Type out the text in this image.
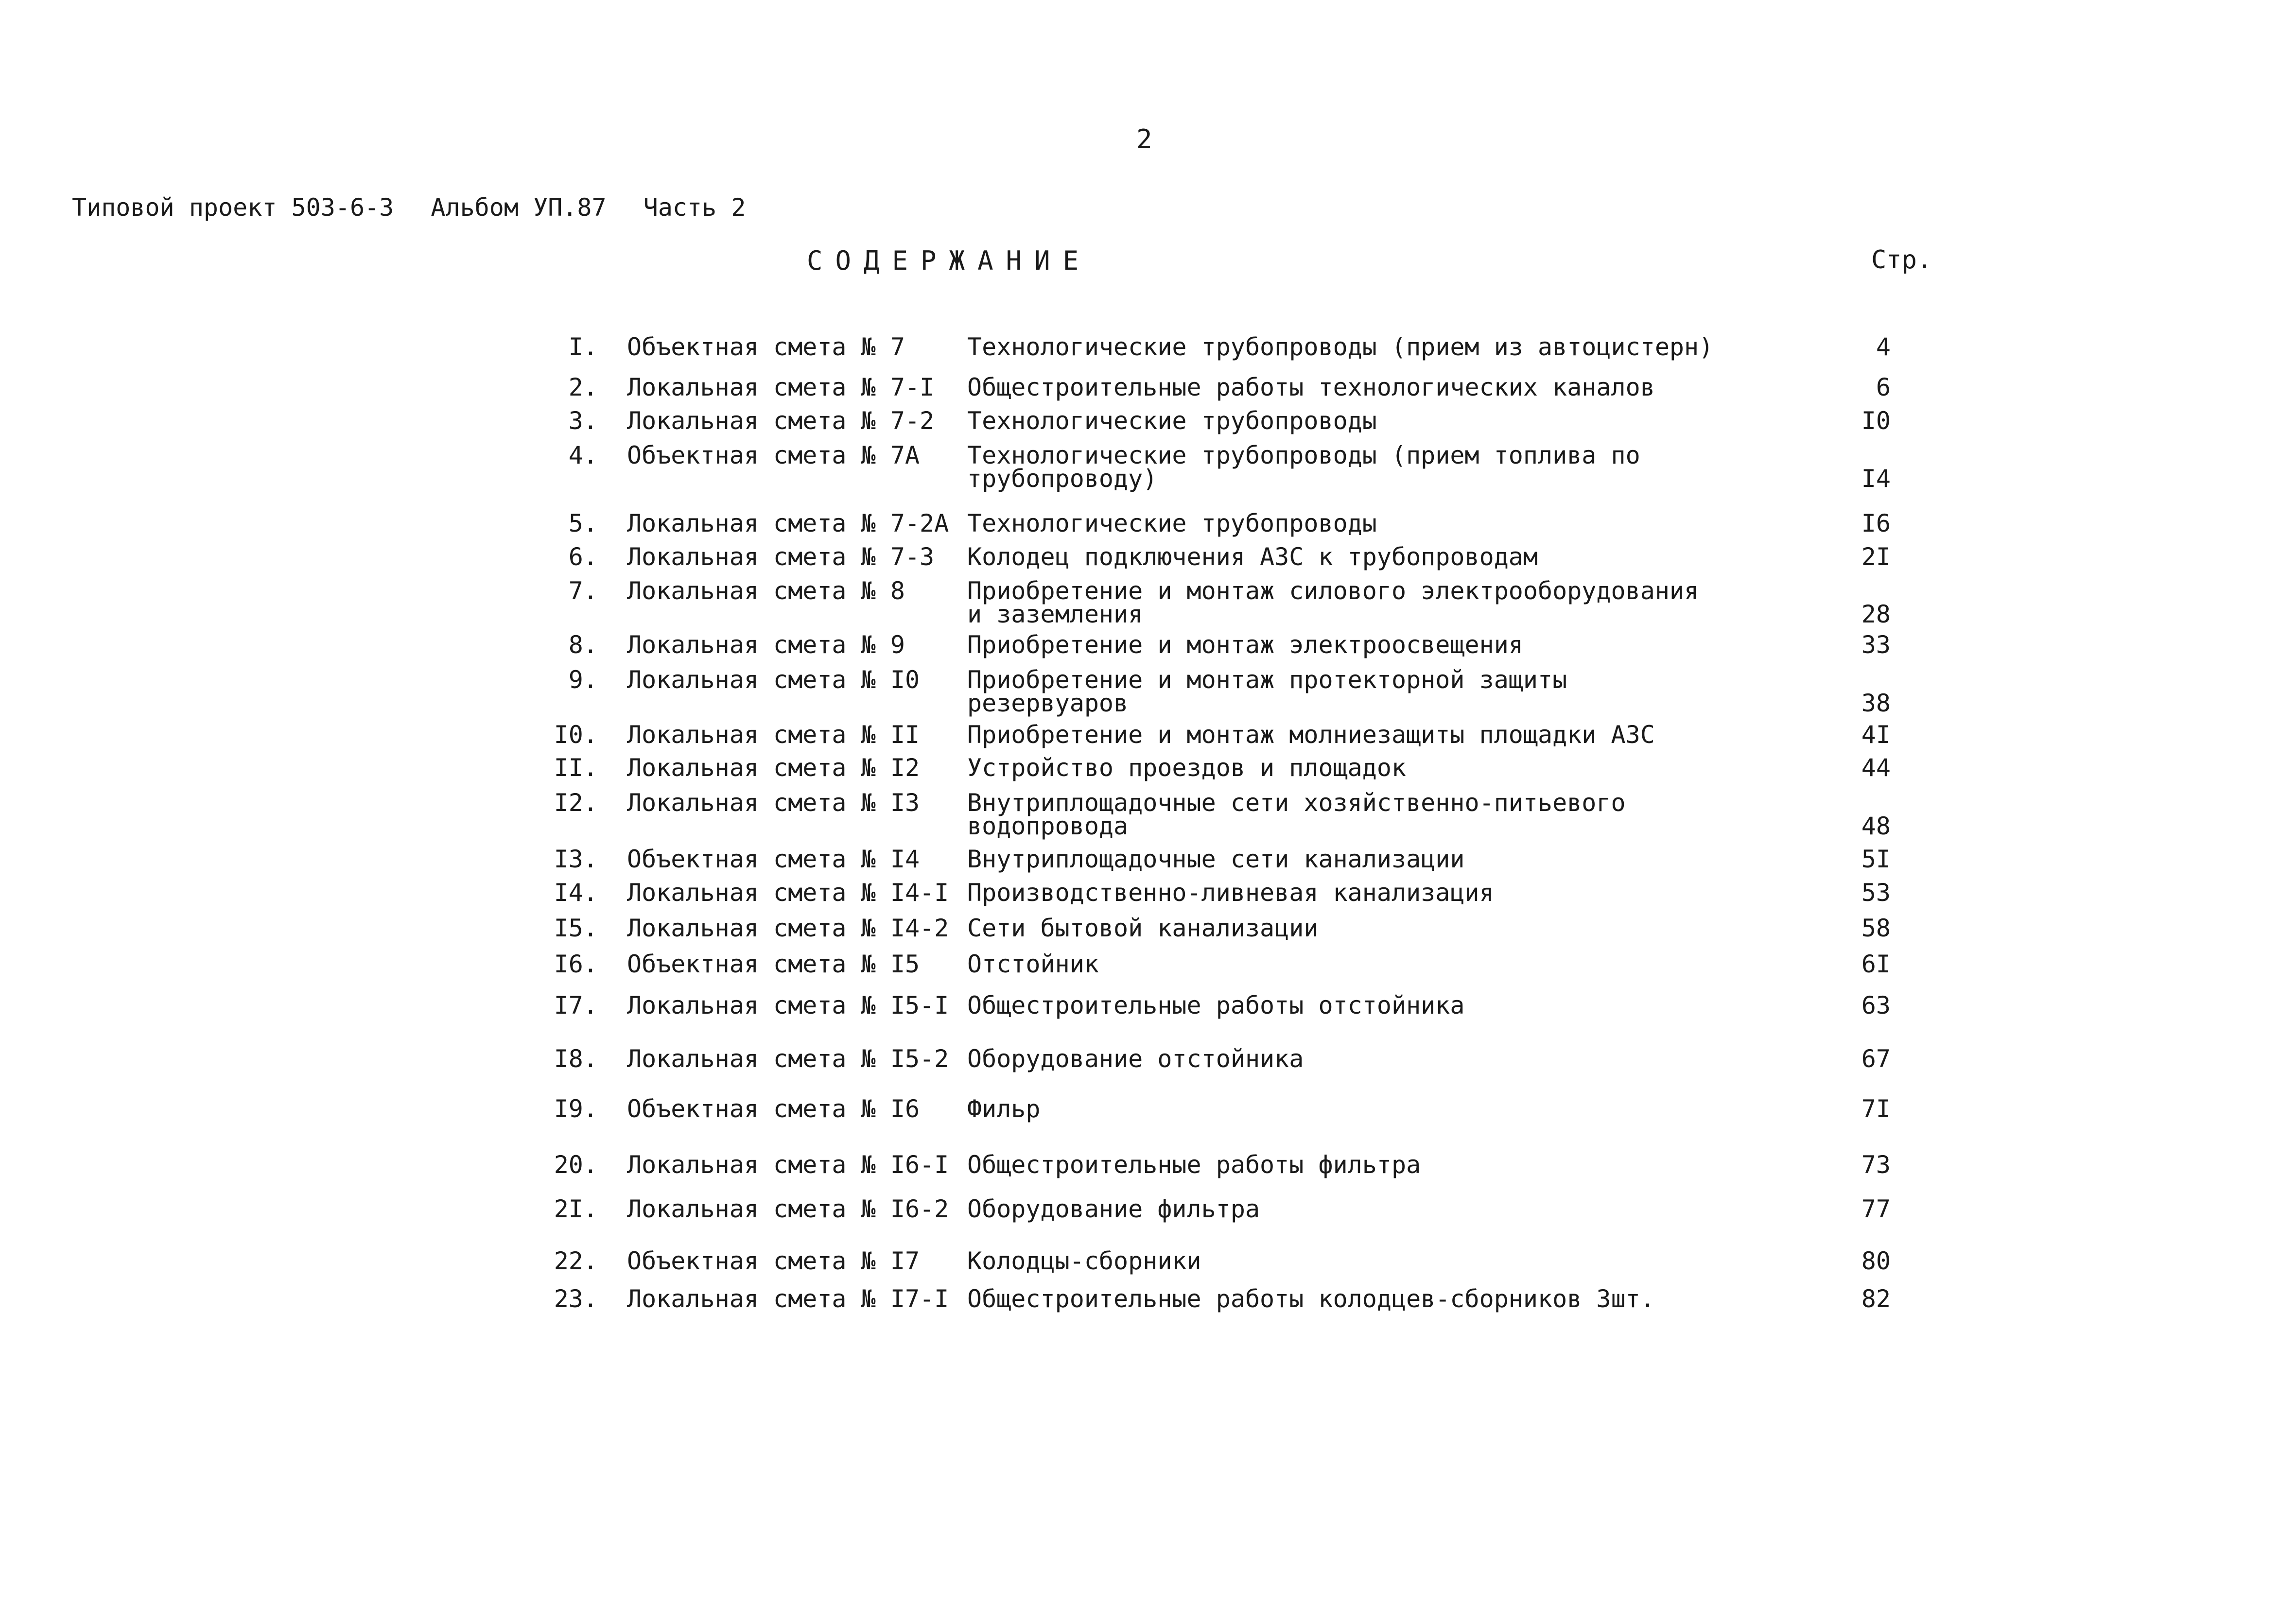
2
Типовой проект 503-6-3 Альбом УП.87 Часть 2
СОДЕРЖАНИЕ	Стр.
I. Объектная смета № 7	Технологические трубопроводы (прием из автоцистерн)	4
2. Локальная смета № 7-I Общестроительные работы технологических каналов	6
3. Локальная смета № 7-2 Технологические трубопроводы	I0
4. Объектная смета № 7А Технологические трубопроводы (прием топлива по трубопроводу)	I4
5. Локальная смета № 7-2А Технологические трубопроводы	I6
6. Локальная смета № 7-3 Колодец подключения АЗС к трубопроводам	2I
7. Локальная смета № 8	Приобретение и монтаж силового электрооборудования и заземления	28
8. Локальная смета № 9	Приобретение и монтаж электроосвещения	33
9. Локальная смета № I0 Приобретение и монтаж протекторной защиты резервуаров	38
I0. Локальная смета № II Приобретение и монтаж молниезащиты площадки АЗС	4I
II. Локальная смета № I2 Устройство проездов и площадок	44
I2. Локальная смета № I3 Внутриплощадочные сети хозяйственно-питьевого водопровода	48
I3. Объектная смета № I4 Внутриплощадочные сети канализации	5I
I4. Локальная смета № I4-I Производственно-ливневая канализация	53
I5. Локальная смета № I4-2 Сети бытовой канализации	58
I6. Объектная смета № I5 Отстойник	6I
I7. Локальная смета № I5-I Общестроительные работы отстойника	63
I8. Локальная смета № I5-2 Оборудование отстойника	67
I9. Объектная смета № I6 Фильр	7I
20. Локальная смета № I6-I Общестроительные работы фильтра	73
2I. Локальная смета № I6-2 Оборудование фильтра	77
22. Объектная смета № I7 Колодцы-сборники	80
23. Локальная смета № I7-I Общестроительные работы колодцев-сборников 3шт.	82
